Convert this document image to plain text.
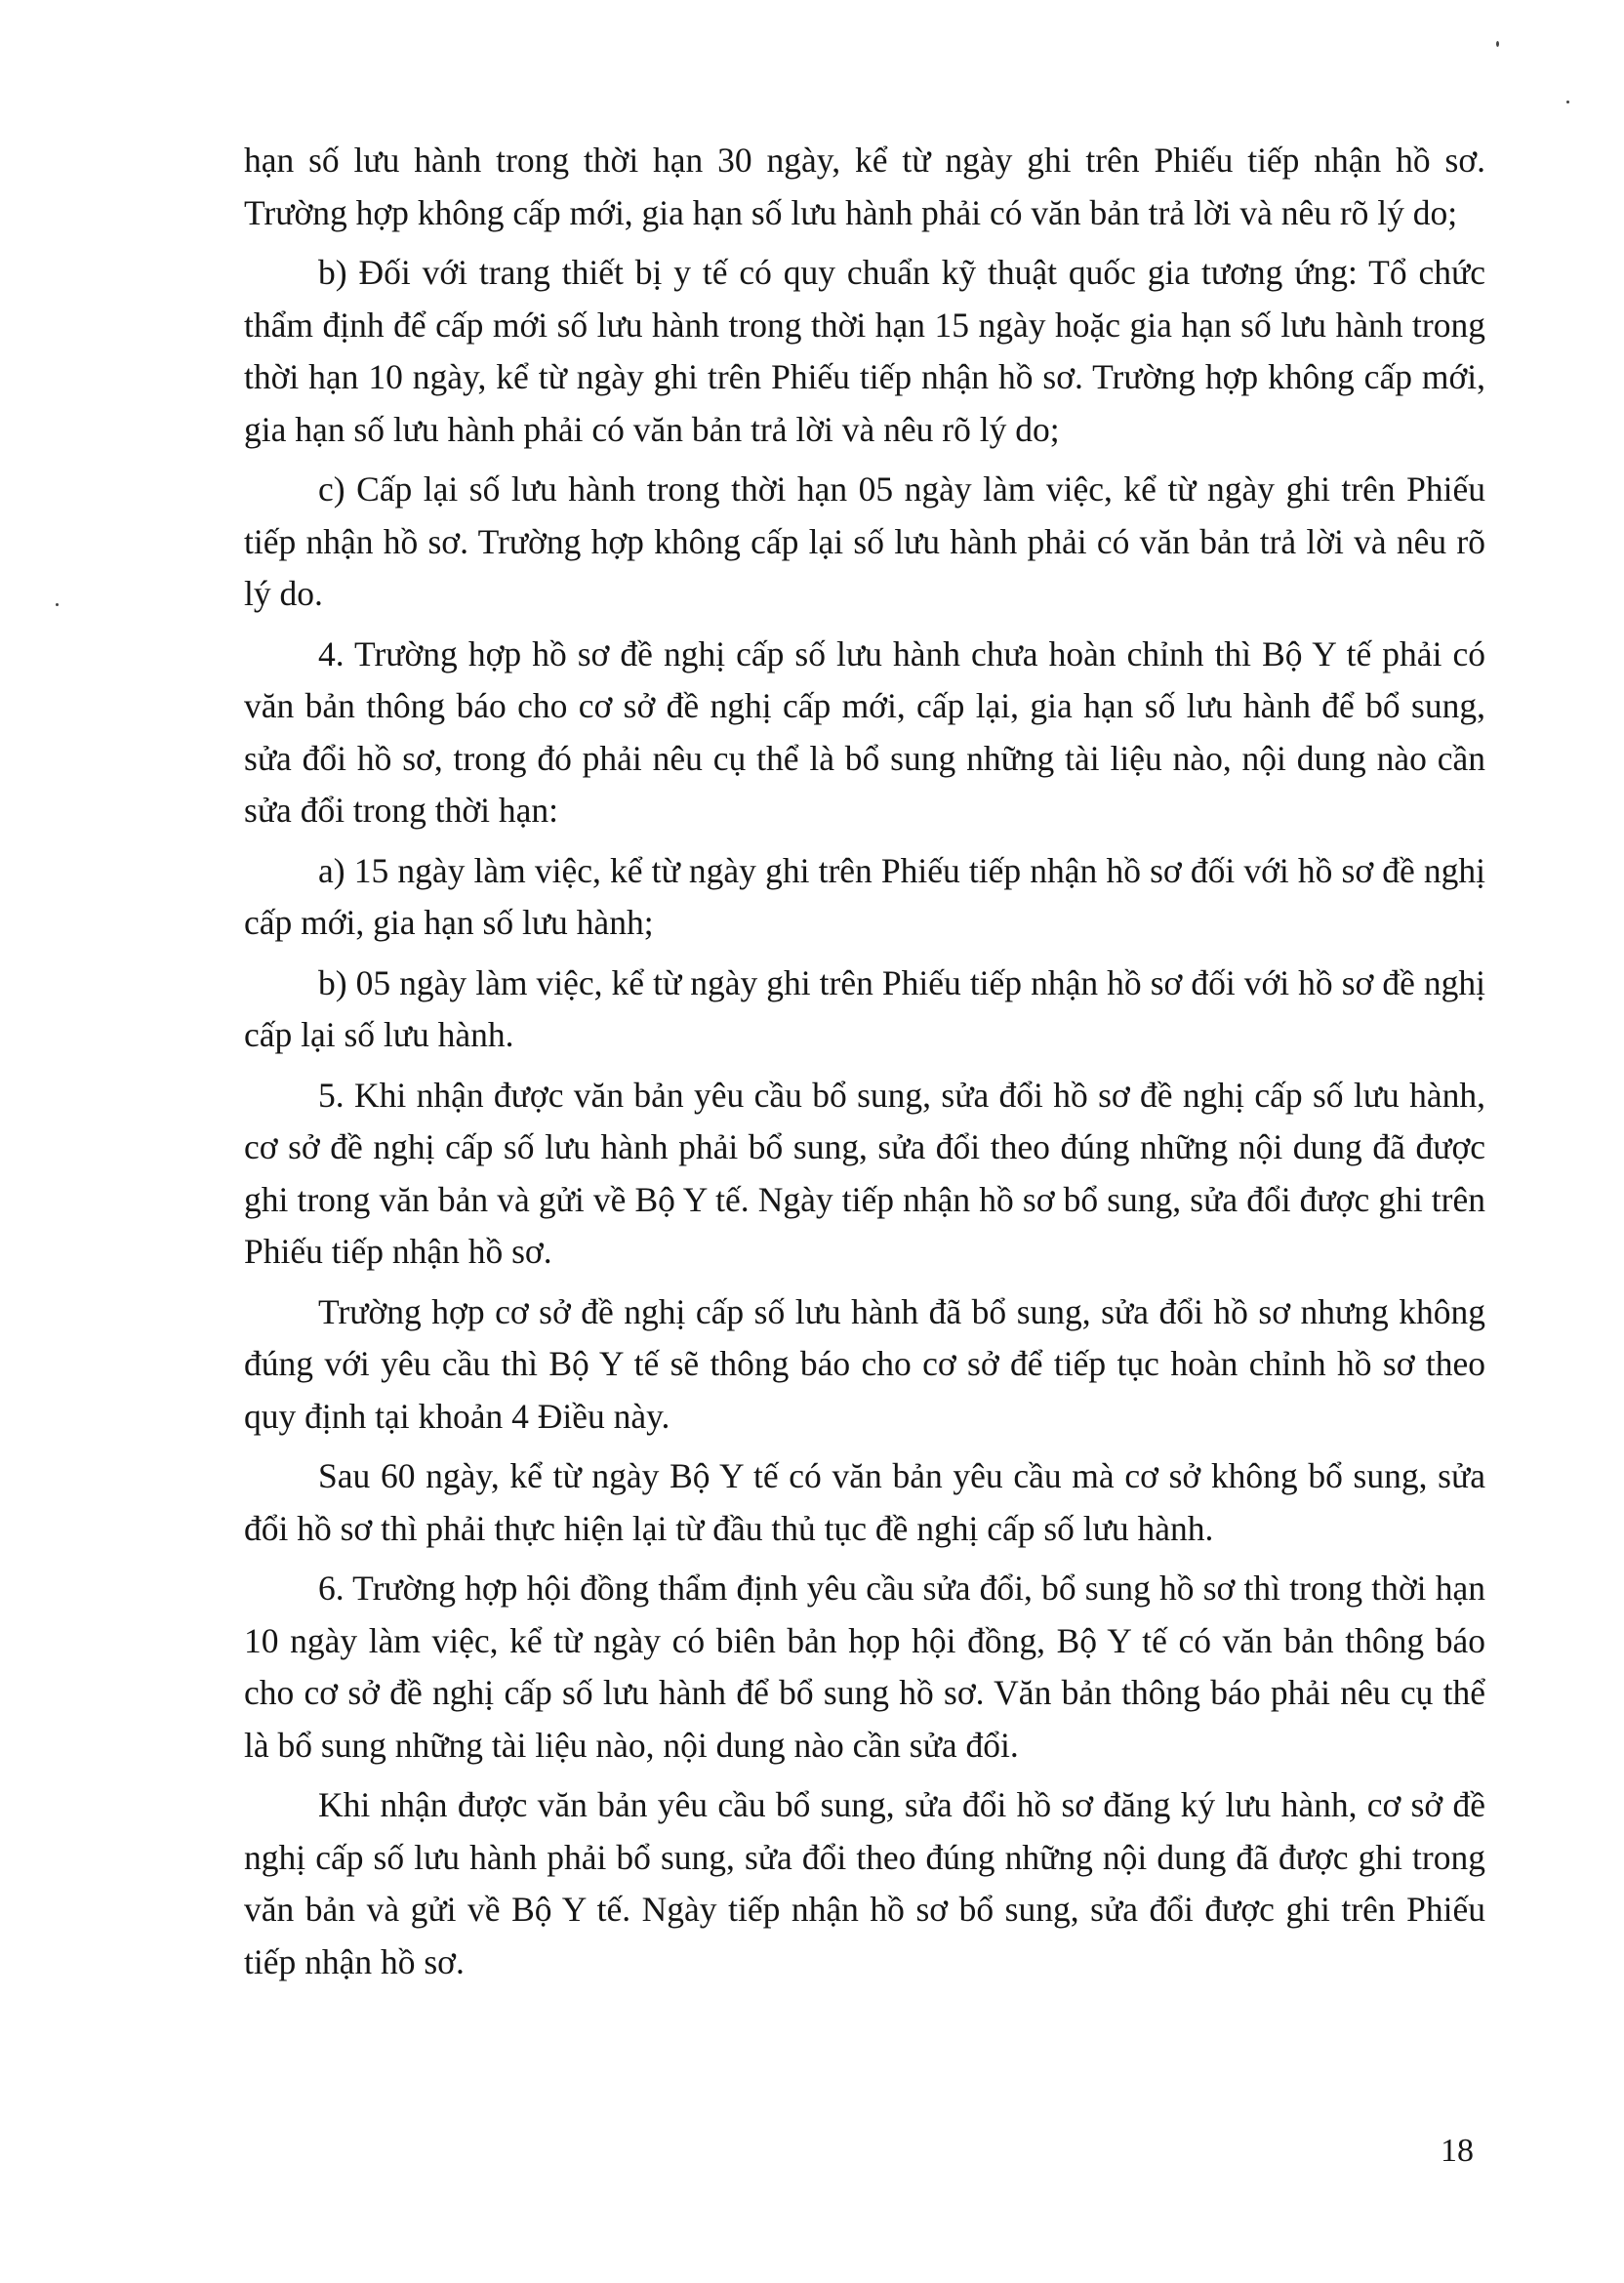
hạn số lưu hành trong thời hạn 30 ngày, kể từ ngày ghi trên Phiếu tiếp nhận hồ sơ. Trường hợp không cấp mới, gia hạn số lưu hành phải có văn bản trả lời và nêu rõ lý do;

b) Đối với trang thiết bị y tế có quy chuẩn kỹ thuật quốc gia tương ứng: Tổ chức thẩm định để cấp mới số lưu hành trong thời hạn 15 ngày hoặc gia hạn số lưu hành trong thời hạn 10 ngày, kể từ ngày ghi trên Phiếu tiếp nhận hồ sơ. Trường hợp không cấp mới, gia hạn số lưu hành phải có văn bản trả lời và nêu rõ lý do;

c) Cấp lại số lưu hành trong thời hạn 05 ngày làm việc, kể từ ngày ghi trên Phiếu tiếp nhận hồ sơ. Trường hợp không cấp lại số lưu hành phải có văn bản trả lời và nêu rõ lý do.

4. Trường hợp hồ sơ đề nghị cấp số lưu hành chưa hoàn chỉnh thì Bộ Y tế phải có văn bản thông báo cho cơ sở đề nghị cấp mới, cấp lại, gia hạn số lưu hành để bổ sung, sửa đổi hồ sơ, trong đó phải nêu cụ thể là bổ sung những tài liệu nào, nội dung nào cần sửa đổi trong thời hạn:

a) 15 ngày làm việc, kể từ ngày ghi trên Phiếu tiếp nhận hồ sơ đối với hồ sơ đề nghị cấp mới, gia hạn số lưu hành;

b) 05 ngày làm việc, kể từ ngày ghi trên Phiếu tiếp nhận hồ sơ đối với hồ sơ đề nghị cấp lại số lưu hành.

5. Khi nhận được văn bản yêu cầu bổ sung, sửa đổi hồ sơ đề nghị cấp số lưu hành, cơ sở đề nghị cấp số lưu hành phải bổ sung, sửa đổi theo đúng những nội dung đã được ghi trong văn bản và gửi về Bộ Y tế. Ngày tiếp nhận hồ sơ bổ sung, sửa đổi được ghi trên Phiếu tiếp nhận hồ sơ.

Trường hợp cơ sở đề nghị cấp số lưu hành đã bổ sung, sửa đổi hồ sơ nhưng không đúng với yêu cầu thì Bộ Y tế sẽ thông báo cho cơ sở để tiếp tục hoàn chỉnh hồ sơ theo quy định tại khoản 4 Điều này.

Sau 60 ngày, kể từ ngày Bộ Y tế có văn bản yêu cầu mà cơ sở không bổ sung, sửa đổi hồ sơ thì phải thực hiện lại từ đầu thủ tục đề nghị cấp số lưu hành.

6. Trường hợp hội đồng thẩm định yêu cầu sửa đổi, bổ sung hồ sơ thì trong thời hạn 10 ngày làm việc, kể từ ngày có biên bản họp hội đồng, Bộ Y tế có văn bản thông báo cho cơ sở đề nghị cấp số lưu hành để bổ sung hồ sơ. Văn bản thông báo phải nêu cụ thể là bổ sung những tài liệu nào, nội dung nào cần sửa đổi.

Khi nhận được văn bản yêu cầu bổ sung, sửa đổi hồ sơ đăng ký lưu hành, cơ sở đề nghị cấp số lưu hành phải bổ sung, sửa đổi theo đúng những nội dung đã được ghi trong văn bản và gửi về Bộ Y tế. Ngày tiếp nhận hồ sơ bổ sung, sửa đổi được ghi trên Phiếu tiếp nhận hồ sơ.

18
